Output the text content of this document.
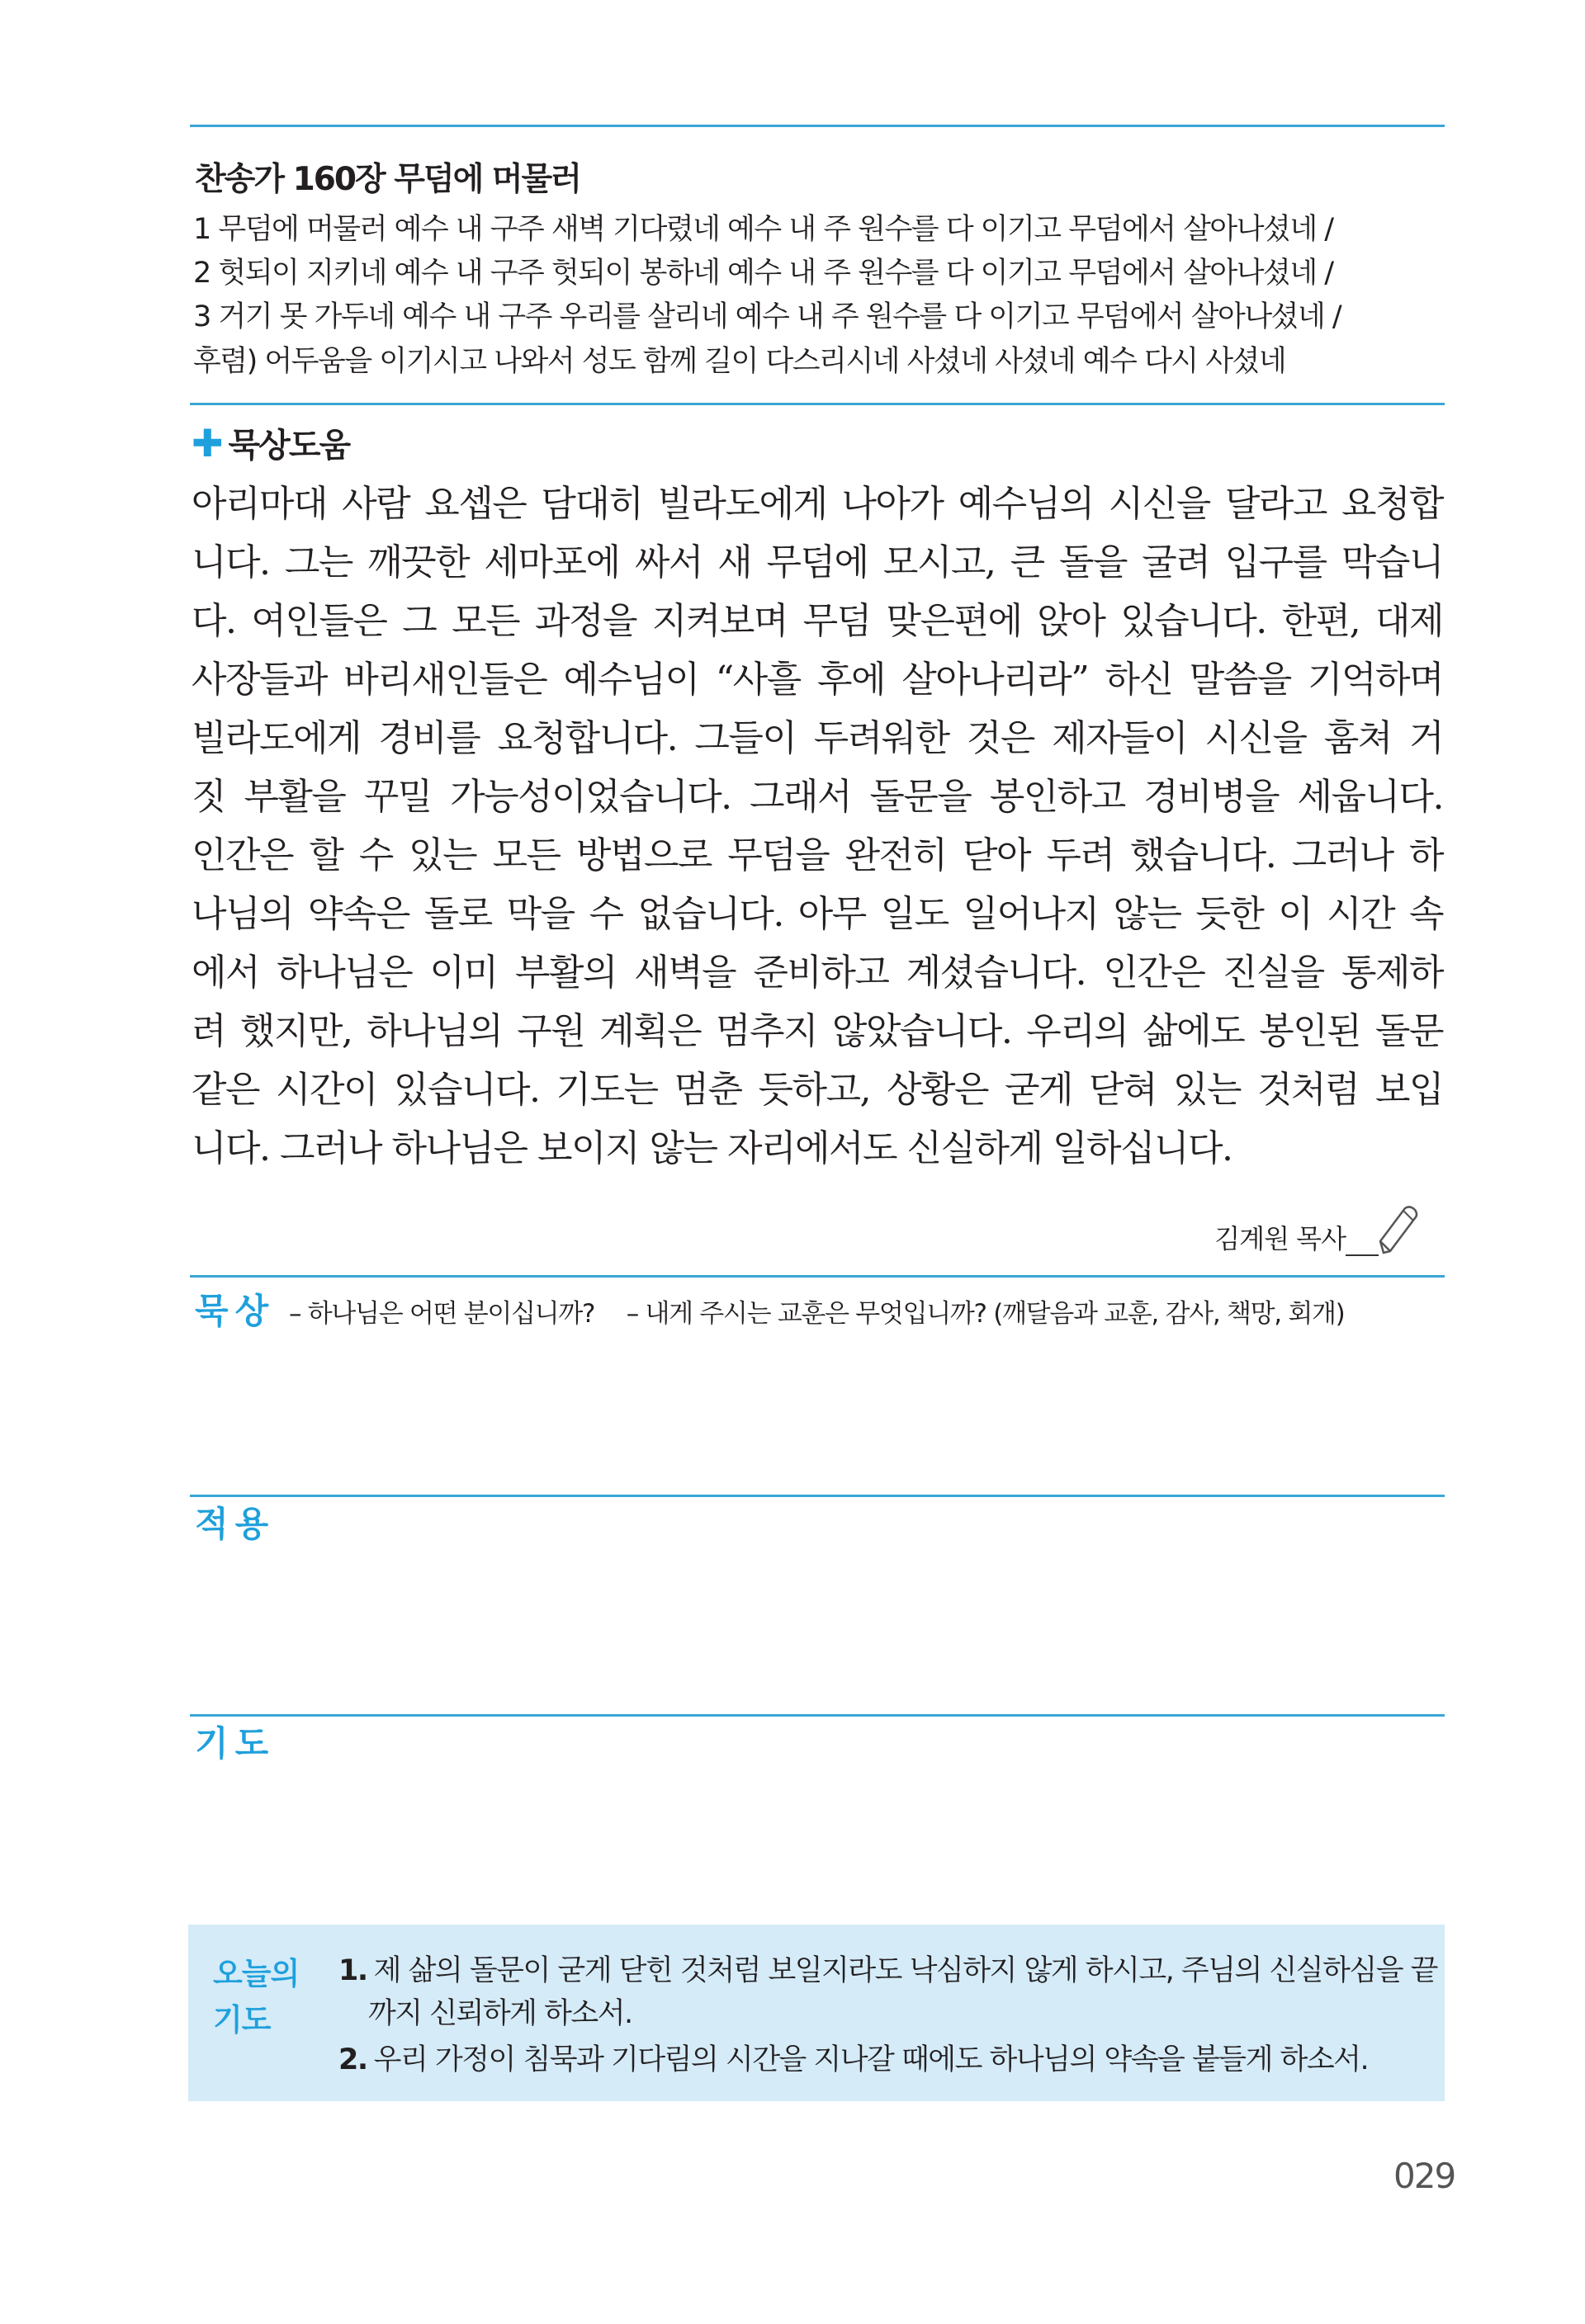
찬송가 160장 무덤에 머물러
1 무덤에 머물러 예수 내 구주 새벽 기다렸네 예수 내 주 원수를 다 이기고 무덤에서 살아나셨네 /
2 헛되이 지키네 예수 내 구주 헛되이 봉하네 예수 내 주 원수를 다 이기고 무덤에서 살아나셨네 /
3 거기 못 가두네 예수 내 구주 우리를 살리네 예수 내 주 원수를 다 이기고 무덤에서 살아나셨네 /
후렴) 어두움을 이기시고 나와서 성도 함께 길이 다스리시네 사셨네 사셨네 예수 다시 사셨네
✚ 묵상도움
아리마대 사람 요셉은 담대히 빌라도에게 나아가 예수님의 시신을 달라고 요청합
니다. 그는 깨끗한 세마포에 싸서 새 무덤에 모시고, 큰 돌을 굴려 입구를 막습니
다. 여인들은 그 모든 과정을 지켜보며 무덤 맞은편에 앉아 있습니다. 한편, 대제
사장들과 바리새인들은 예수님이 “사흘 후에 살아나리라” 하신 말씀을 기억하며
빌라도에게 경비를 요청합니다. 그들이 두려워한 것은 제자들이 시신을 훔쳐 거
짓 부활을 꾸밀 가능성이었습니다. 그래서 돌문을 봉인하고 경비병을 세웁니다.
인간은 할 수 있는 모든 방법으로 무덤을 완전히 닫아 두려 했습니다. 그러나 하
나님의 약속은 돌로 막을 수 없습니다. 아무 일도 일어나지 않는 듯한 이 시간 속
에서 하나님은 이미 부활의 새벽을 준비하고 계셨습니다. 인간은 진실을 통제하
려 했지만, 하나님의 구원 계획은 멈추지 않았습니다. 우리의 삶에도 봉인된 돌문
같은 시간이 있습니다. 기도는 멈춘 듯하고, 상황은 굳게 닫혀 있는 것처럼 보입
니다. 그러나 하나님은 보이지 않는 자리에서도 신실하게 일하십니다.
김계원 목사
묵상 – 하나님은 어떤 분이십니까? – 내게 주시는 교훈은 무엇입니까? (깨달음과 교훈, 감사, 책망, 회개)
적용
기도
오늘의
기도
1. 제 삶의 돌문이 굳게 닫힌 것처럼 보일지라도 낙심하지 않게 하시고, 주님의 신실하심을 끝
까지 신뢰하게 하소서.
2. 우리 가정이 침묵과 기다림의 시간을 지나갈 때에도 하나님의 약속을 붙들게 하소서.
029
